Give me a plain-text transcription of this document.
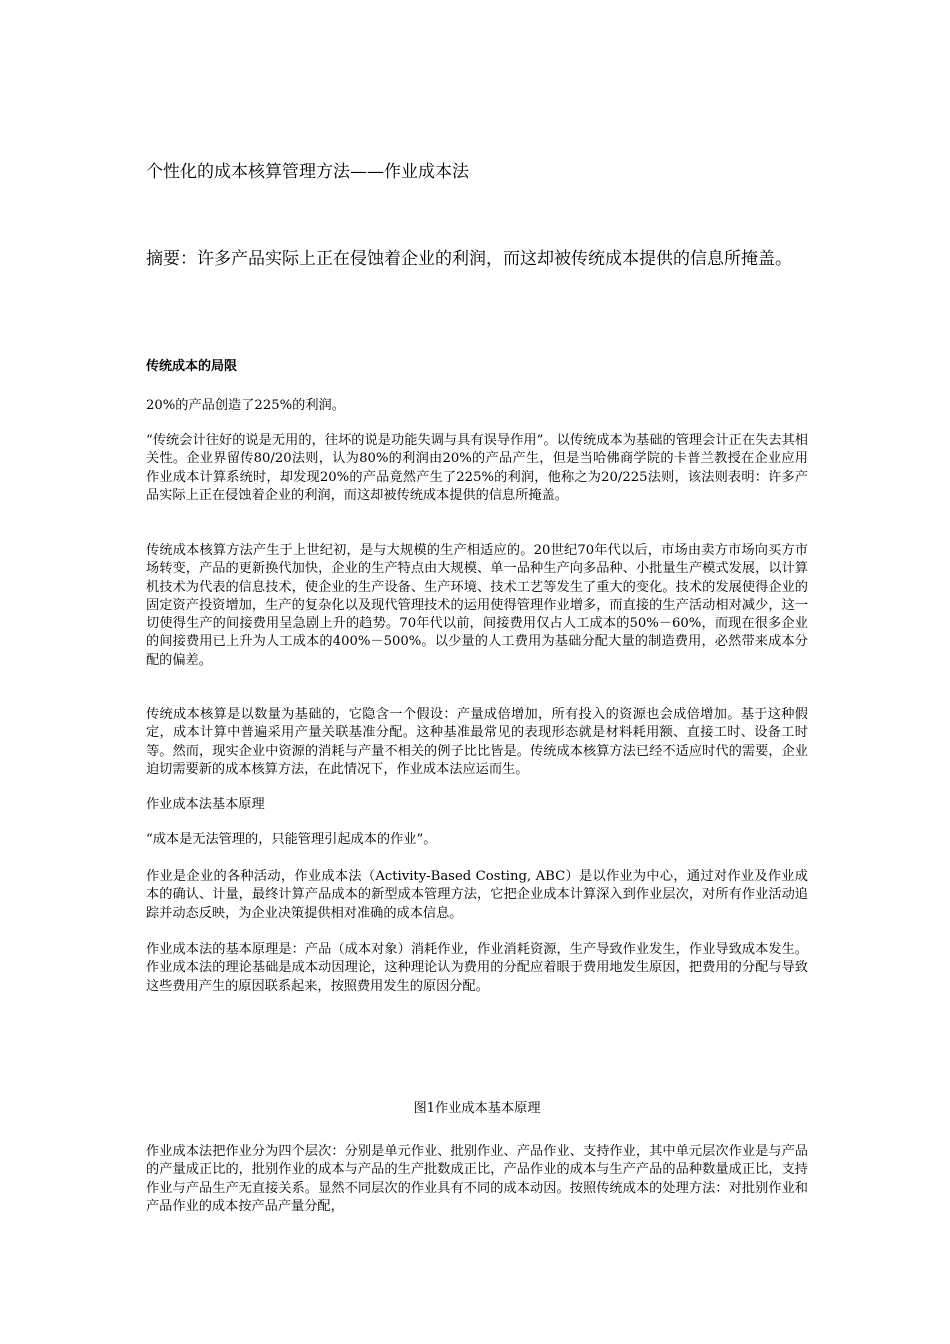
个性化的成本核算管理方法——作业成本法
摘要：许多产品实际上正在侵蚀着企业的利润，而这却被传统成本提供的信息所掩盖。
传统成本的局限

20%的产品创造了225%的利润。

“传统会计往好的说是无用的，往坏的说是功能失调与具有误导作用”。以传统成本为基础的管理会计正在失去其相关性。企业界留传80/20法则，认为80%的利润由20%的产品产生，但是当哈佛商学院的卡普兰教授在企业应用作业成本计算系统时，却发现20%的产品竟然产生了225%的利润，他称之为20/225法则，该法则表明：许多产品实际上正在侵蚀着企业的利润，而这却被传统成本提供的信息所掩盖。

传统成本核算方法产生于上世纪初，是与大规模的生产相适应的。20世纪70年代以后，市场由卖方市场向买方市场转变，产品的更新换代加快，企业的生产特点由大规模、单一品种生产向多品种、小批量生产模式发展，以计算机技术为代表的信息技术，使企业的生产设备、生产环境、技术工艺等发生了重大的变化。技术的发展使得企业的固定资产投资增加，生产的复杂化以及现代管理技术的运用使得管理作业增多，而直接的生产活动相对减少，这一切使得生产的间接费用呈急剧上升的趋势。70年代以前，间接费用仅占人工成本的50%－60%，而现在很多企业的间接费用已上升为人工成本的400%－500%。以少量的人工费用为基础分配大量的制造费用，必然带来成本分配的偏差。

传统成本核算是以数量为基础的，它隐含一个假设：产量成倍增加，所有投入的资源也会成倍增加。基于这种假定，成本计算中普遍采用产量关联基准分配。这种基准最常见的表现形态就是材料耗用额、直接工时、设备工时等。然而，现实企业中资源的消耗与产量不相关的例子比比皆是。传统成本核算方法已经不适应时代的需要，企业迫切需要新的成本核算方法，在此情况下，作业成本法应运而生。

作业成本法基本原理

“成本是无法管理的，只能管理引起成本的作业”。

作业是企业的各种活动，作业成本法（Activity-Based Costing, ABC）是以作业为中心，通过对作业及作业成本的确认、计量，最终计算产品成本的新型成本管理方法，它把企业成本计算深入到作业层次，对所有作业活动追踪并动态反映，为企业决策提供相对准确的成本信息。

作业成本法的基本原理是：产品（成本对象）消耗作业，作业消耗资源，生产导致作业发生，作业导致成本发生。作业成本法的理论基础是成本动因理论，这种理论认为费用的分配应着眼于费用地发生原因，把费用的分配与导致这些费用产生的原因联系起来，按照费用发生的原因分配。

图1作业成本基本原理

作业成本法把作业分为四个层次：分别是单元作业、批别作业、产品作业、支持作业，其中单元层次作业是与产品的产量成正比的，批别作业的成本与产品的生产批数成正比，产品作业的成本与生产产品的品种数量成正比，支持作业与产品生产无直接关系。显然不同层次的作业具有不同的成本动因。按照传统成本的处理方法：对批别作业和产品作业的成本按产品产量分配，
